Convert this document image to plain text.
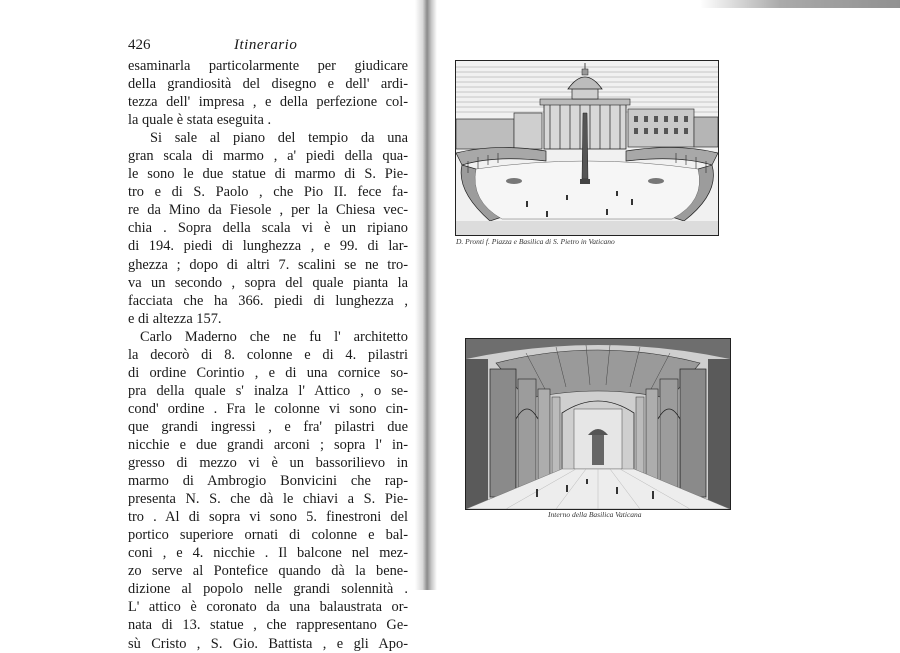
426	Itinerario
esaminarla particolarmente per giudicare
della grandiosità del disegno e dell' ardi-
tezza dell' impresa , e della perfezione col-
la quale è stata eseguita .
Si sale al piano del tempio da una
gran scala di marmo , a' piedi della qua-
le sono le due statue di marmo di S. Pie-
tro e di S. Paolo , che Pio II. fece fa-
re da Mino da Fiesole , per la Chiesa vec-
chia . Sopra della scala vi è un ripiano
di 194. piedi di lunghezza , e 99. di lar-
ghezza ; dopo di altri 7. scalini se ne tro-
va un secondo , sopra del quale pianta la
facciata che ha 366. piedi di lunghezza ,
e di altezza 157.
Carlo Maderno che ne fu l' architetto
la decorò di 8. colonne e di 4. pilastri
di ordine Corintio , e di una cornice so-
pra della quale s' inalza l' Attico , o se-
cond' ordine . Fra le colonne vi sono cin-
que grandi ingressi , e fra' pilastri due
nicchie e due grandi arconi ; sopra l' in-
gresso di mezzo vi è un bassorilievo in
marmo di Ambrogio Bonvicini che rap-
presenta N. S. che dà le chiavi a S. Pie-
tro . Al di sopra vi sono 5. finestroni del
portico superiore ornati di colonne e bal-
coni , e 4. nicchie . Il balcone nel mez-
zo serve al Pontefice quando dà la bene-
dizione al popolo nelle grandi solennità .
L' attico è coronato da una balaustrata or-
nata di 13. statue , che rappresentano Ge-
sù Cristo , S. Gio. Battista , e gli Apo-
D. Pronti f. Piazza e Basilica di S. Pietro in Vaticano
Interno della Basilica Vaticana
